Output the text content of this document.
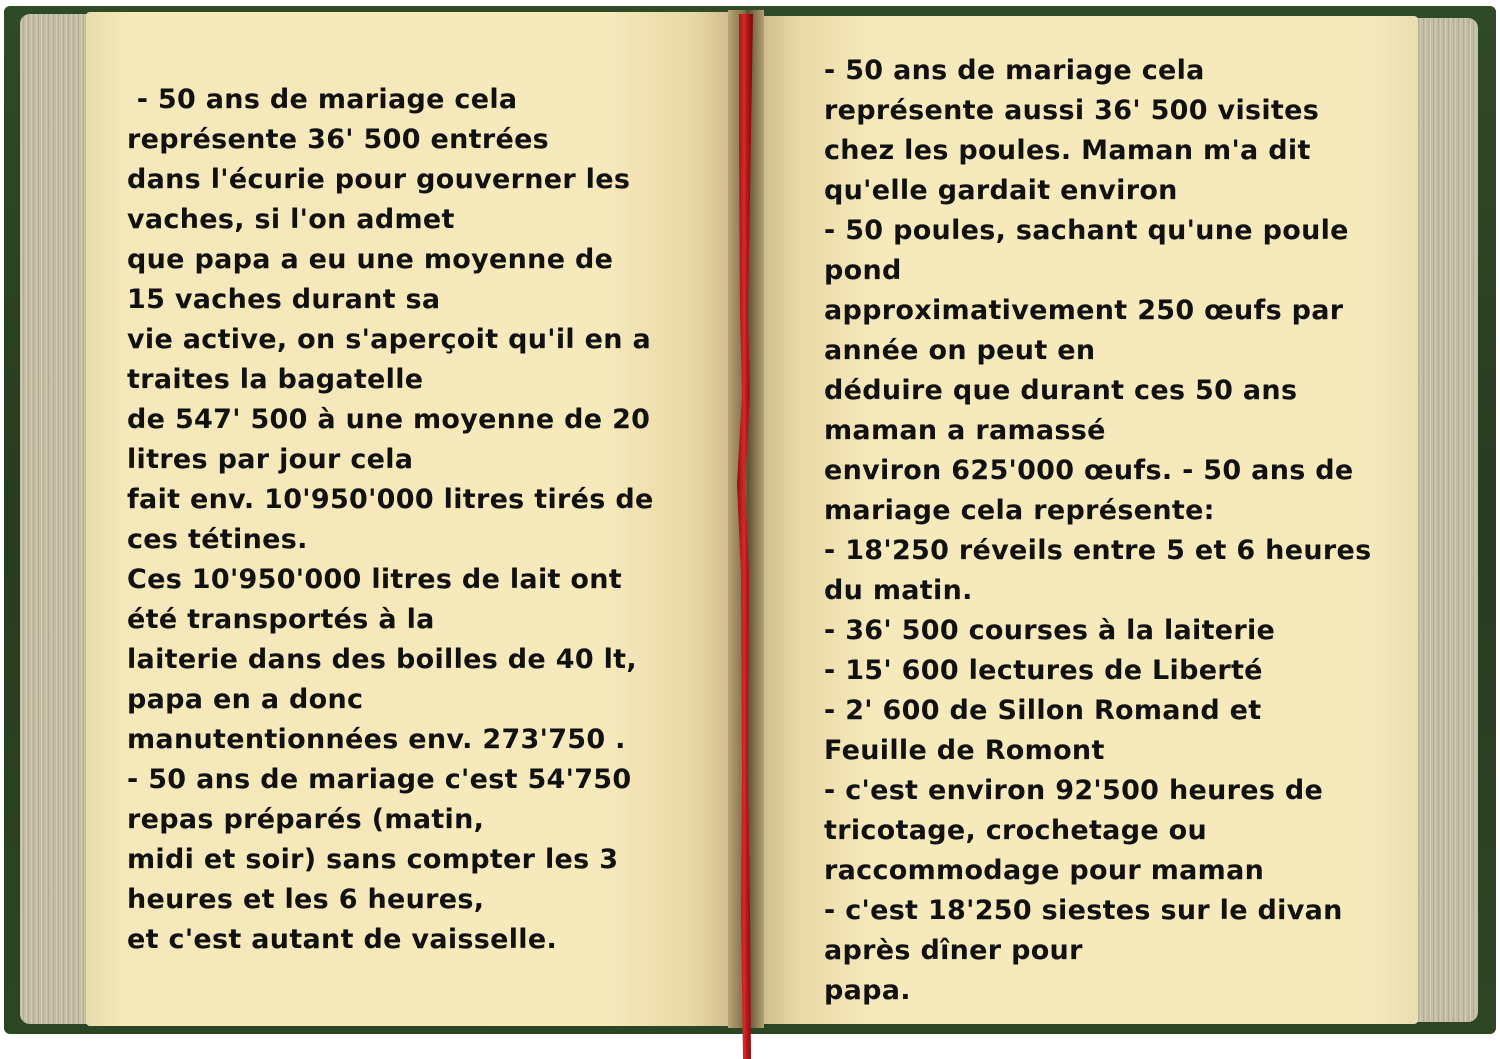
- 50 ans de mariage cela
représente 36' 500 entrées
dans l'écurie pour gouverner les
vaches, si l'on admet
que papa a eu une moyenne de
15 vaches durant sa
vie active, on s'aperçoit qu'il en a
traites la bagatelle
de 547' 500 à une moyenne de 20
litres par jour cela
fait env. 10'950'000 litres tirés de
ces tétines.
Ces 10'950'000 litres de lait ont
été transportés à la
laiterie dans des boilles de 40 lt,
papa en a donc
manutentionnées env. 273'750 .
- 50 ans de mariage c'est 54'750
repas préparés (matin,
midi et soir) sans compter les 3
heures et les 6 heures,
et c'est autant de vaisselle.
- 50 ans de mariage cela
représente aussi 36' 500 visites
chez les poules. Maman m'a dit
qu'elle gardait environ
- 50 poules, sachant qu'une poule
pond
approximativement 250 œufs par
année on peut en
déduire que durant ces 50 ans
maman a ramassé
environ 625'000 œufs. - 50 ans de
mariage cela représente:
- 18'250 réveils entre 5 et 6 heures
du matin.
- 36' 500 courses à la laiterie
- 15' 600 lectures de Liberté
- 2' 600 de Sillon Romand et
Feuille de Romont
- c'est environ 92'500 heures de
tricotage, crochetage ou
raccommodage pour maman
- c'est 18'250 siestes sur le divan
après dîner pour
papa.
